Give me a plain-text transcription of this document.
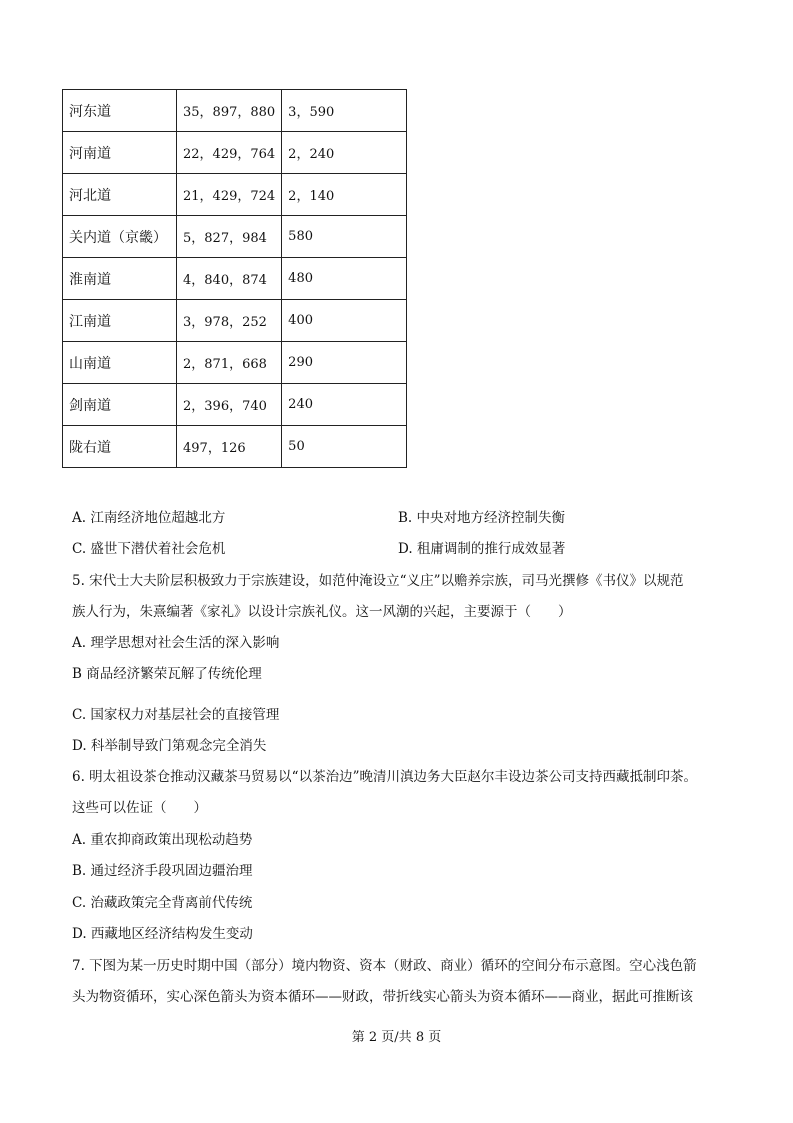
河东道	35，897，880	3，590
河南道	22，429，764	2，240
河北道	21，429，724	2，140
关内道（京畿）	5，827，984	580
淮南道	4，840，874	480
江南道	3，978，252	400
山南道	2，871，668	290
剑南道	2，396，740	240
陇右道	497，126	50
A. 江南经济地位超越北方	B. 中央对地方经济控制失衡
C. 盛世下潜伏着社会危机	D. 租庸调制的推行成效显著
5. 宋代士大夫阶层积极致力于宗族建设，如范仲淹设立“义庄”以赡养宗族，司马光撰修《书仪》以规范
族人行为，朱熹编著《家礼》以设计宗族礼仪。这一风潮的兴起，主要源于（　　）
A. 理学思想对社会生活的深入影响
B 商品经济繁荣瓦解了传统伦理
C. 国家权力对基层社会的直接管理
D. 科举制导致门第观念完全消失
6. 明太祖设茶仓推动汉藏茶马贸易以“以茶治边”晚清川滇边务大臣赵尔丰设边茶公司支持西藏抵制印茶。
这些可以佐证（　　）
A. 重农抑商政策出现松动趋势
B. 通过经济手段巩固边疆治理
C. 治藏政策完全背离前代传统
D. 西藏地区经济结构发生变动
7. 下图为某一历史时期中国（部分）境内物资、资本（财政、商业）循环的空间分布示意图。空心浅色箭
头为物资循环，实心深色箭头为资本循环——财政，带折线实心箭头为资本循环——商业，据此可推断该
第 2 页/共 8 页
